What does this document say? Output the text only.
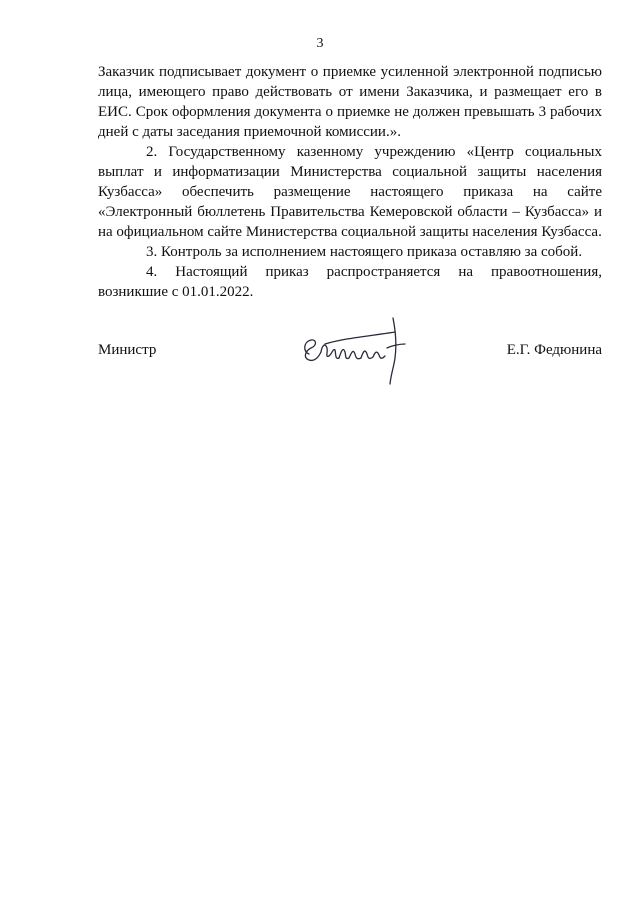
3

Заказчик подписывает документ о приемке усиленной электронной подписью лица, имеющего право действовать от имени Заказчика, и размещает его в ЕИС. Срок оформления документа о приемке не должен превышать 3 рабочих дней с даты заседания приемочной комиссии.».

2. Государственному казенному учреждению «Центр социальных выплат и информатизации Министерства социальной защиты населения Кузбасса» обеспечить размещение настоящего приказа на сайте «Электронный бюллетень Правительства Кемеровской области – Кузбасса» и на официальном сайте Министерства социальной защиты населения Кузбасса.

3. Контроль за исполнением настоящего приказа оставляю за собой.

4. Настоящий приказ распространяется на правоотношения, возникшие с 01.01.2022.

Министр	Е.Г. Федюнина
